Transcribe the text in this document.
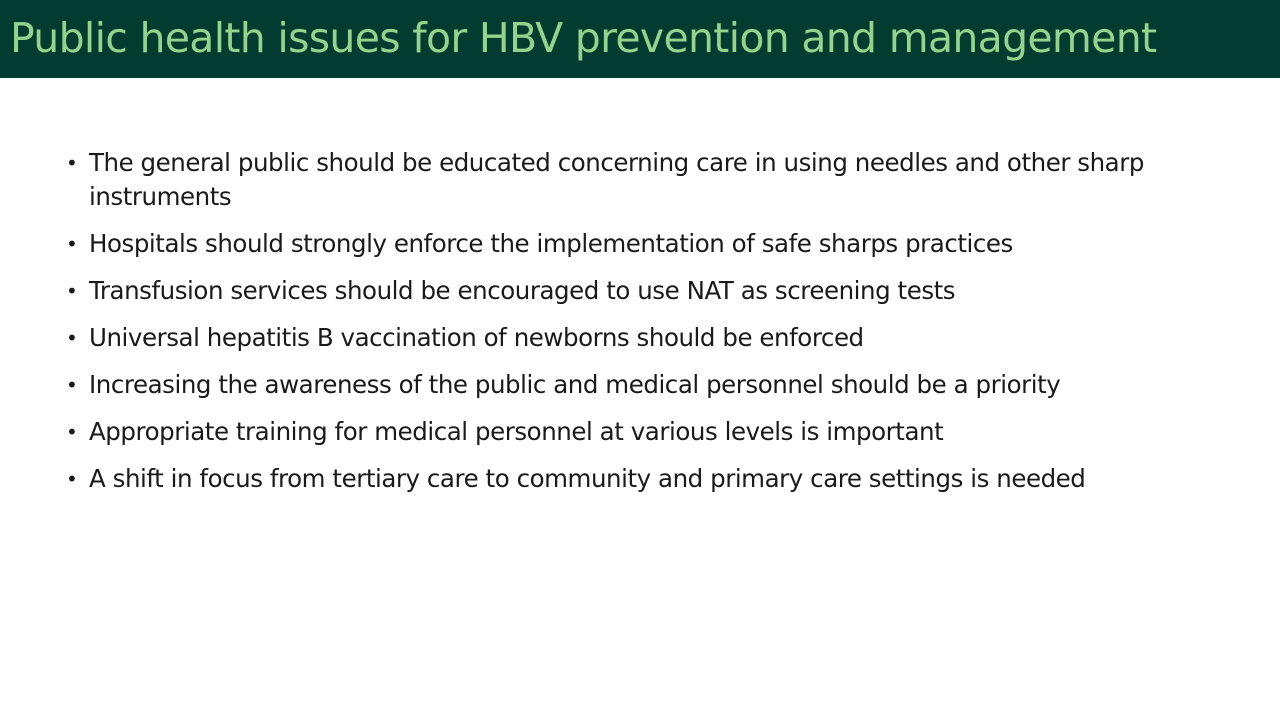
Public health issues for HBV prevention and management
• The general public should be educated concerning care in using needles and other sharp instruments
• Hospitals should strongly enforce the implementation of safe sharps practices
• Transfusion services should be encouraged to use NAT as screening tests
• Universal hepatitis B vaccination of newborns should be enforced
• Increasing the awareness of the public and medical personnel should be a priority
• Appropriate training for medical personnel at various levels is important
• A shift in focus from tertiary care to community and primary care settings is needed
